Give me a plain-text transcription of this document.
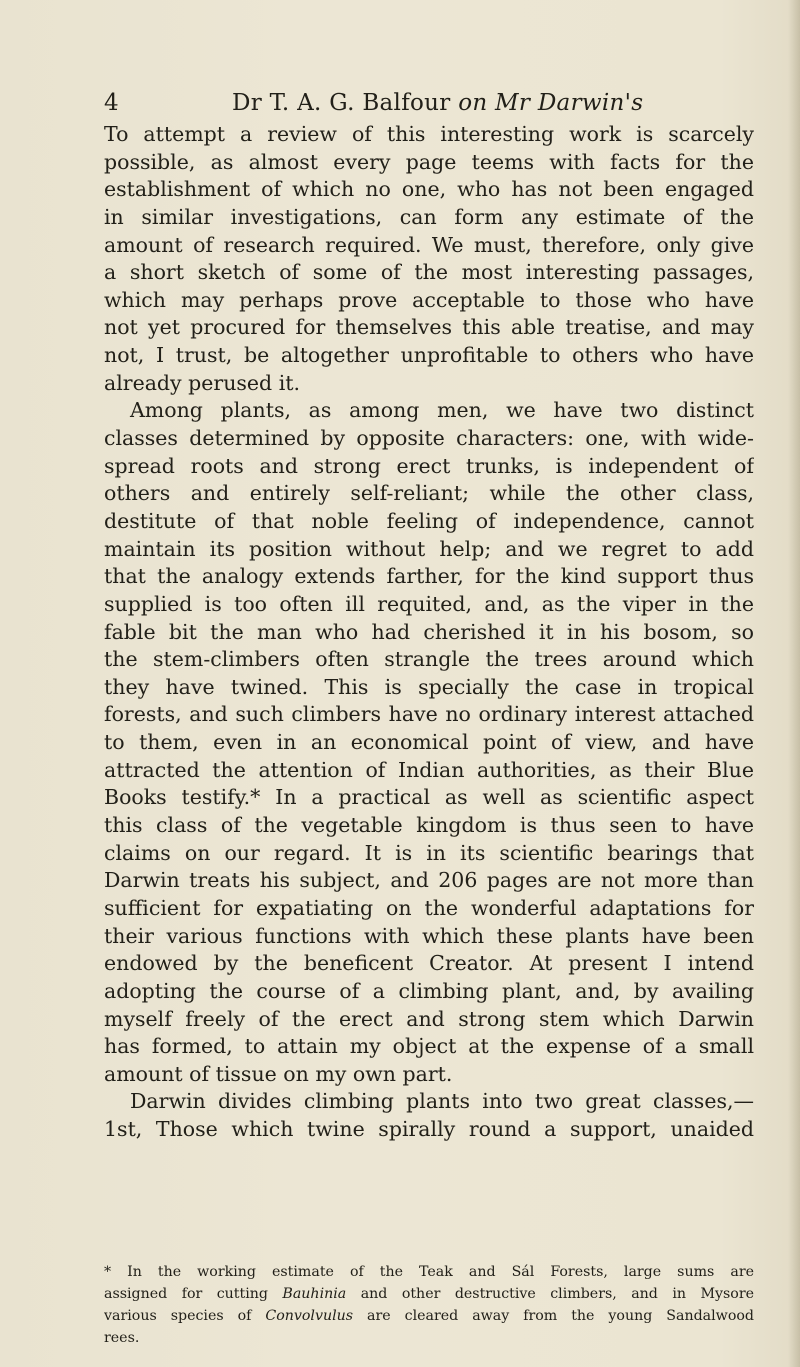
4	Dr T. A. G. Balfour on Mr Darwin's

To attempt a review of this interesting work is scarcely
possible, as almost every page teems with facts for the
establishment of which no one, who has not been engaged
in similar investigations, can form any estimate of the
amount of research required. We must, therefore, only give
a short sketch of some of the most interesting passages,
which may perhaps prove acceptable to those who have
not yet procured for themselves this able treatise, and may
not, I trust, be altogether unprofitable to others who have
already perused it.

Among plants, as among men, we have two distinct
classes determined by opposite characters: one, with wide-
spread roots and strong erect trunks, is independent of
others and entirely self-reliant; while the other class,
destitute of that noble feeling of independence, cannot
maintain its position without help; and we regret to add
that the analogy extends farther, for the kind support thus
supplied is too often ill requited, and, as the viper in the
fable bit the man who had cherished it in his bosom, so
the stem-climbers often strangle the trees around which
they have twined. This is specially the case in tropical
forests, and such climbers have no ordinary interest attached
to them, even in an economical point of view, and have
attracted the attention of Indian authorities, as their Blue
Books testify.* In a practical as well as scientific aspect
this class of the vegetable kingdom is thus seen to have
claims on our regard. It is in its scientific bearings that
Darwin treats his subject, and 206 pages are not more than
sufficient for expatiating on the wonderful adaptations for
their various functions with which these plants have been
endowed by the beneficent Creator. At present I intend
adopting the course of a climbing plant, and, by availing
myself freely of the erect and strong stem which Darwin
has formed, to attain my object at the expense of a small
amount of tissue on my own part.

Darwin divides climbing plants into two great classes,—
1st, Those which twine spirally round a support, unaided

* In the working estimate of the Teak and Sál Forests, large sums are
assigned for cutting Bauhinia and other destructive climbers, and in Mysore
various species of Convolvulus are cleared away from the young Sandalwood
rees.
